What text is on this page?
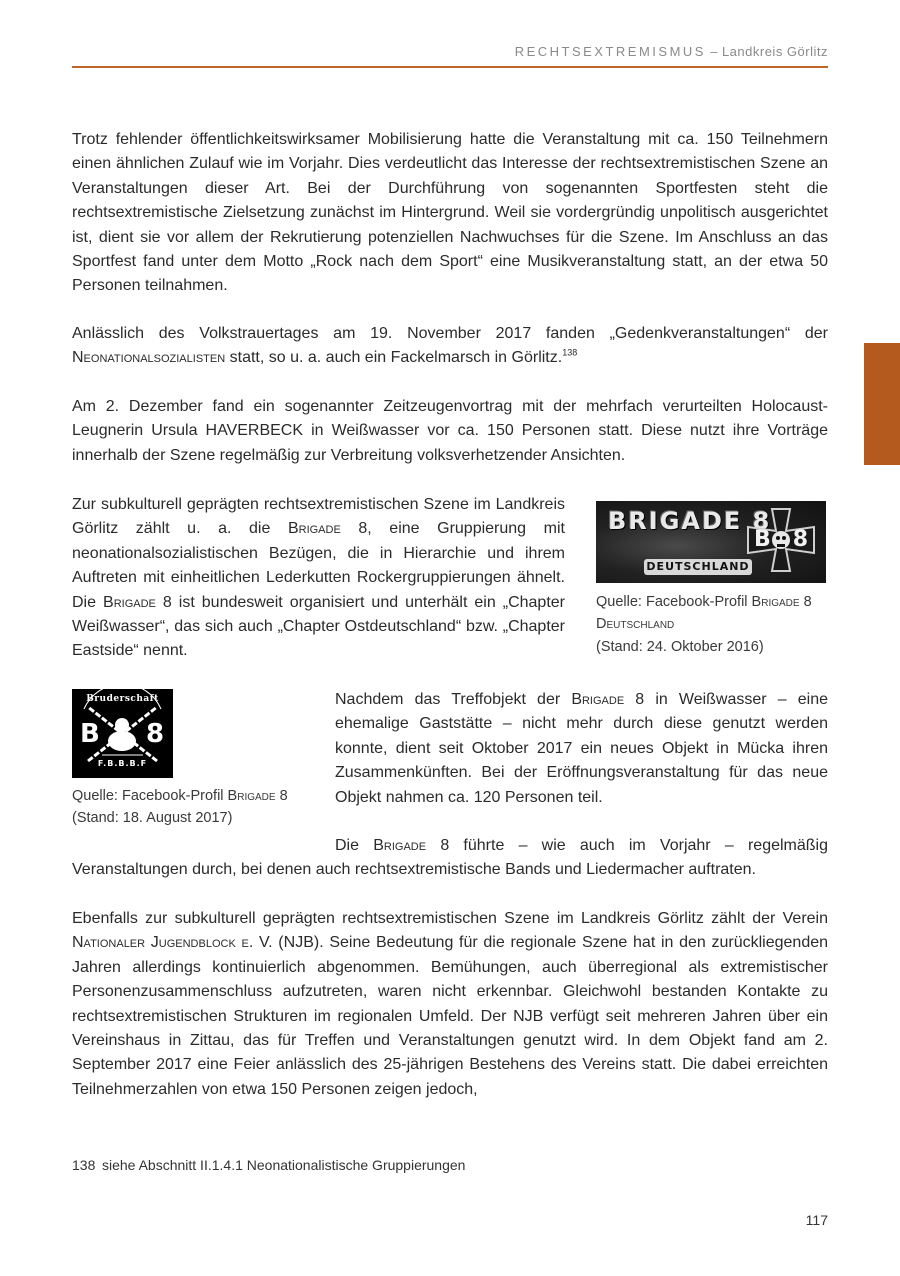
RECHTSEXTREMISMUS – Landkreis Görlitz

Trotz fehlender öffentlichkeitswirksamer Mobilisierung hatte die Veranstaltung mit ca. 150 Teilnehmern einen ähnlichen Zulauf wie im Vorjahr. Dies verdeutlicht das Interesse der rechtsextremistischen Szene an Veranstaltungen dieser Art. Bei der Durchführung von sogenannten Sportfesten steht die rechtsextremistische Zielsetzung zunächst im Hintergrund. Weil sie vordergründig unpolitisch ausgerichtet ist, dient sie vor allem der Rekrutierung potenziellen Nachwuchses für die Szene. Im Anschluss an das Sportfest fand unter dem Motto „Rock nach dem Sport“ eine Musikveranstaltung statt, an der etwa 50 Personen teilnahmen.

Anlässlich des Volkstrauertages am 19. November 2017 fanden „Gedenkveranstaltungen“ der Neonationalsozialisten statt, so u. a. auch ein Fackelmarsch in Görlitz.$^{138}$

Am 2. Dezember fand ein sogenannter Zeitzeugenvortrag mit der mehrfach verurteilten Holocaust-Leugnerin Ursula HAVERBECK in Weißwasser vor ca. 150 Personen statt. Diese nutzt ihre Vorträge innerhalb der Szene regelmäßig zur Verbreitung volksverhetzender Ansichten.

Zur subkulturell geprägten rechtsextremistischen Szene im Landkreis Görlitz zählt u. a. die Brigade 8, eine Gruppierung mit neonationalsozialistischen Bezügen, die in Hierarchie und ihrem Auftreten mit einheitlichen Lederkutten Rockergruppierungen ähnelt. Die Brigade 8 ist bundesweit organisiert und unterhält ein „Chapter Weißwasser“, das sich auch „Chapter Ostdeutschland“ bzw. „Chapter Eastside“ nennt.

BRIGADE 8
B8
DEUTSCHLAND
Quelle: Facebook-Profil Brigade 8
Deutschland
(Stand: 24. Oktober 2016)
Bruderschaft
B 8
F.B.B.B.F
Quelle: Facebook-Profil Brigade 8
(Stand: 18. August 2017)

Nachdem das Treffobjekt der Brigade 8 in Weißwasser – eine ehemalige Gaststätte – nicht mehr durch diese genutzt werden konnte, dient seit Oktober 2017 ein neues Objekt in Mücka ihren Zusammenkünften. Bei der Eröffnungsveranstaltung für das neue Objekt nahmen ca. 120 Personen teil.

Die Brigade 8 führte – wie auch im Vorjahr – regelmäßig Veranstaltungen durch, bei denen auch rechtsextremistische Bands und Liedermacher auftraten.

Ebenfalls zur subkulturell geprägten rechtsextremistischen Szene im Landkreis Görlitz zählt der Verein Nationaler Jugendblock e. V. (NJB). Seine Bedeutung für die regionale Szene hat in den zurückliegenden Jahren allerdings kontinuierlich abgenommen. Bemühungen, auch überregional als extremistischer Personenzusammenschluss aufzutreten, waren nicht erkennbar. Gleichwohl bestanden Kontakte zu rechtsextremistischen Strukturen im regionalen Umfeld. Der NJB verfügt seit mehreren Jahren über ein Vereinshaus in Zittau, das für Treffen und Veranstaltungen genutzt wird. In dem Objekt fand am 2. September 2017 eine Feier anlässlich des 25-jährigen Bestehens des Vereins statt. Die dabei erreichten Teilnehmerzahlen von etwa 150 Personen zeigen jedoch,

138 siehe Abschnitt II.1.4.1 Neonationalistische Gruppierungen

117
